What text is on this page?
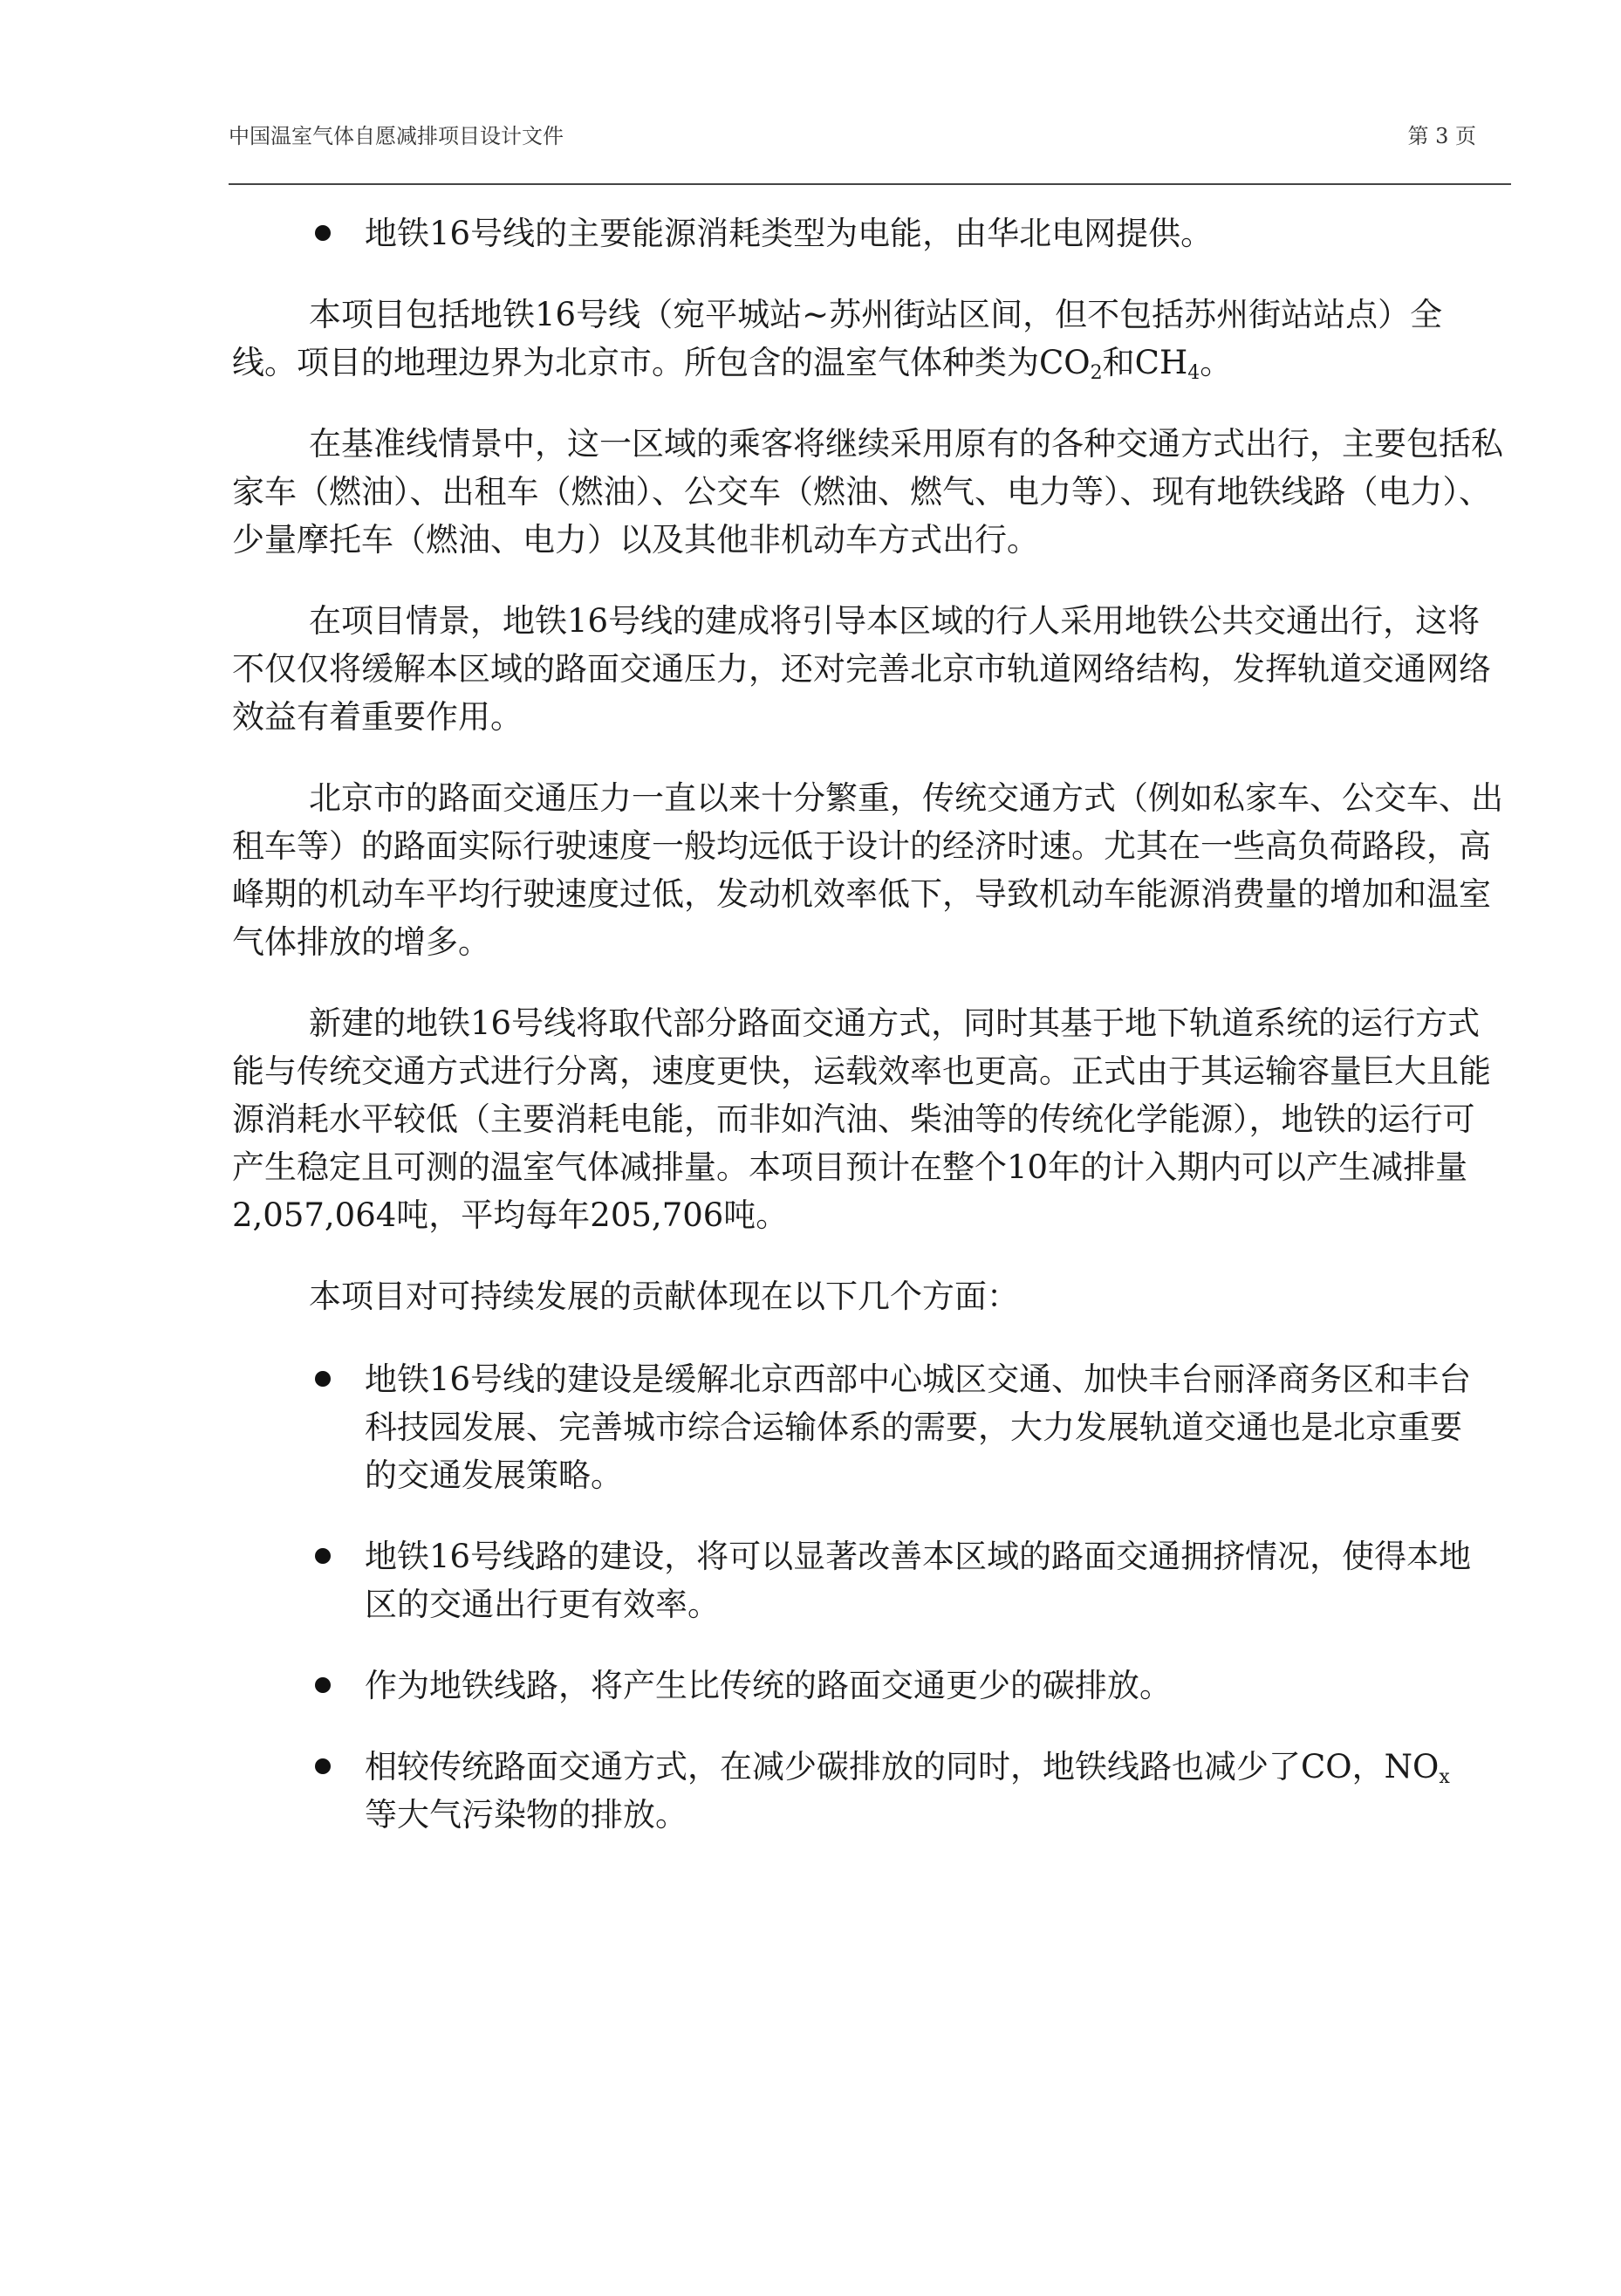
中国温室气体自愿减排项目设计文件	第 3 页
地铁16号线的主要能源消耗类型为电能，由华北电网提供。

本项目包括地铁16号线（宛平城站~苏州街站区间，但不包括苏州街站站点）全线。项目的地理边界为北京市。所包含的温室气体种类为$CO_2$和$CH_4$。

在基准线情景中，这一区域的乘客将继续采用原有的各种交通方式出行，主要包括私家车（燃油）、出租车（燃油）、公交车（燃油、燃气、电力等）、现有地铁线路（电力）、少量摩托车（燃油、电力）以及其他非机动车方式出行。

在项目情景，地铁16号线的建成将引导本区域的行人采用地铁公共交通出行，这将不仅仅将缓解本区域的路面交通压力，还对完善北京市轨道网络结构，发挥轨道交通网络效益有着重要作用。

北京市的路面交通压力一直以来十分繁重，传统交通方式（例如私家车、公交车、出租车等）的路面实际行驶速度一般均远低于设计的经济时速。尤其在一些高负荷路段，高峰期的机动车平均行驶速度过低，发动机效率低下，导致机动车能源消费量的增加和温室气体排放的增多。

新建的地铁16号线将取代部分路面交通方式，同时其基于地下轨道系统的运行方式能与传统交通方式进行分离，速度更快，运载效率也更高。正式由于其运输容量巨大且能源消耗水平较低（主要消耗电能，而非如汽油、柴油等的传统化学能源），地铁的运行可产生稳定且可测的温室气体减排量。本项目预计在整个10年的计入期内可以产生减排量2,057,064吨，平均每年205,706吨。

本项目对可持续发展的贡献体现在以下几个方面：

地铁16号线的建设是缓解北京西部中心城区交通、加快丰台丽泽商务区和丰台科技园发展、完善城市综合运输体系的需要，大力发展轨道交通也是北京重要的交通发展策略。
地铁16号线路的建设，将可以显著改善本区域的路面交通拥挤情况，使得本地区的交通出行更有效率。
作为地铁线路，将产生比传统的路面交通更少的碳排放。
相较传统路面交通方式，在减少碳排放的同时，地铁线路也减少了CO，$NO_x$等大气污染物的排放。
